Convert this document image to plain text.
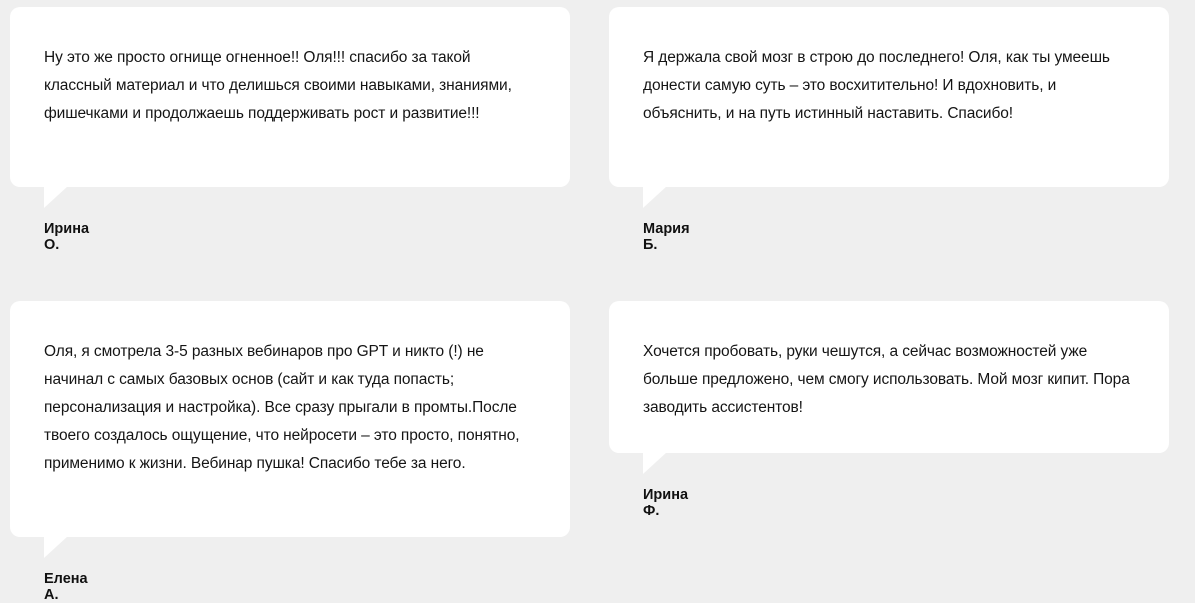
Ну это же просто огнище огненное!! Оля!!! спасибо за такой классный материал и что делишься своими навыками, знаниями, фишечками и продолжаешь поддерживать рост и развитие!!!
Ирина О.
Я держала свой мозг в строю до последнего! Оля, как ты умеешь донести самую суть – это восхитительно! И вдохновить, и объяснить, и на путь истинный наставить. Спасибо!
Мария Б.
Оля, я смотрела 3-5 разных вебинаров про GPT и никто (!) не начинал с самых базовых основ (сайт и как туда попасть; персонализация и настройка). Все сразу прыгали в промты.После твоего создалось ощущение, что нейросети – это просто, понятно, применимо к жизни. Вебинар пушка! Спасибо тебе за него.
Елена А.
Хочется пробовать, руки чешутся, а сейчас возможностей уже больше предложено, чем смогу использовать. Мой мозг кипит. Пора заводить ассистентов!
Ирина Ф.
